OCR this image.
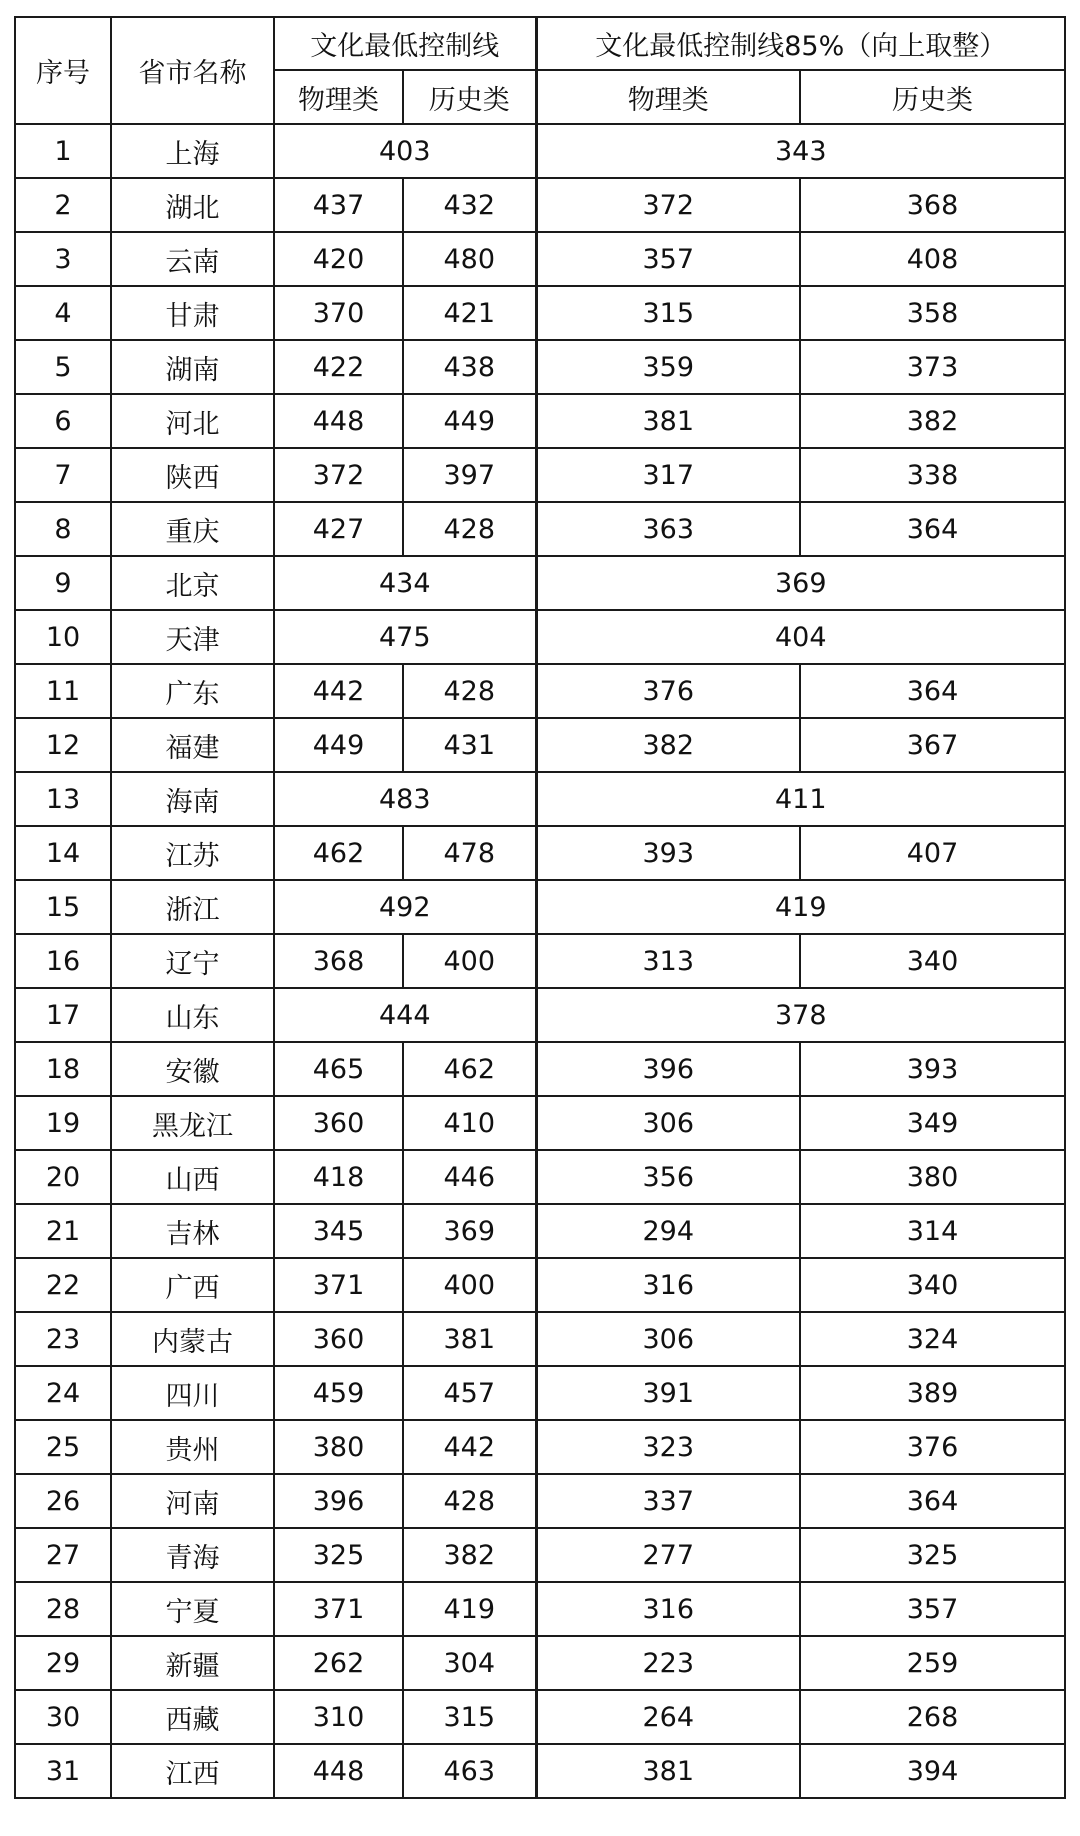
序号	省市名称	文化最低控制线		文化最低控制线85%（向上取整）	
		物理类	历史类	物理类	历史类
1	上海	403		343	
2	湖北	437	432	372	368
3	云南	420	480	357	408
4	甘肃	370	421	315	358
5	湖南	422	438	359	373
6	河北	448	449	381	382
7	陕西	372	397	317	338
8	重庆	427	428	363	364
9	北京	434		369	
10	天津	475		404	
11	广东	442	428	376	364
12	福建	449	431	382	367
13	海南	483		411	
14	江苏	462	478	393	407
15	浙江	492		419	
16	辽宁	368	400	313	340
17	山东	444		378	
18	安徽	465	462	396	393
19	黑龙江	360	410	306	349
20	山西	418	446	356	380
21	吉林	345	369	294	314
22	广西	371	400	316	340
23	内蒙古	360	381	306	324
24	四川	459	457	391	389
25	贵州	380	442	323	376
26	河南	396	428	337	364
27	青海	325	382	277	325
28	宁夏	371	419	316	357
29	新疆	262	304	223	259
30	西藏	310	315	264	268
31	江西	448	463	381	394
